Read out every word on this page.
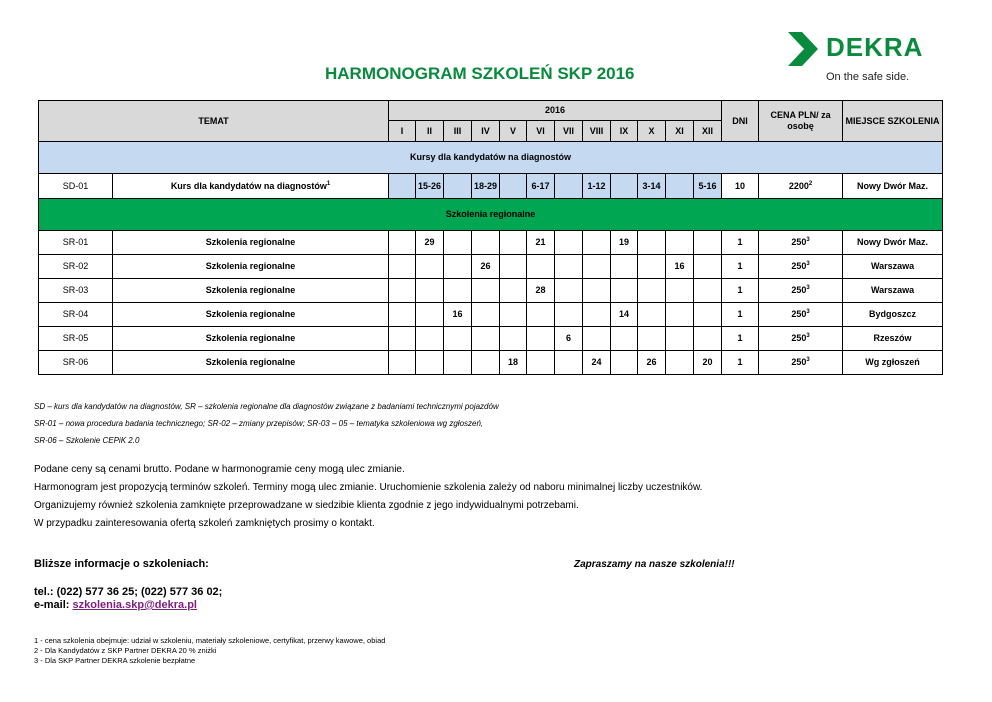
DEKRA
On the safe side.
HARMONOGRAM SZKOLEŃ SKP 2016
TEMAT		2016												DNI	CENA PLN/ za osobę	MIEJSCE SZKOLENIA
		I	II	III	IV	V	VI	VII	VIII	IX	X	XI	XII			
Kursy dla kandydatów na diagnostów																
SD-01	Kurs dla kandydatów na diagnostów$^1$		15-26		18-29		6-17		1-12		3-14		5-16	10	2200$^2$	Nowy Dwór Maz.
Szkolenia regionalne																
SR-01	Szkolenia regionalne		29				21			19				1	$250^3$	Nowy Dwór Maz.
SR-02	Szkolenia regionalne				26							16		1	$250^3$	Warszawa
SR-03	Szkolenia regionalne						28							1	$250^3$	Warszawa
SR-04	Szkolenia regionalne			16						14				1	$250^3$	Bydgoszcz
SR-05	Szkolenia regionalne							6						1	$250^3$	Rzeszów
SR-06	Szkolenia regionalne					18			24		26		20	1	$250^3$	Wg zgłoszeń
SD – kurs dla kandydatów na diagnostów, SR – szkolenia regionalne dla diagnostów związane z badaniami technicznymi pojazdów
SR-01 – nowa procedura badania technicznego; SR-02 – zmiany przepisów; SR-03 – 05 – tematyka szkoleniowa wg zgłoszeń,
SR-06 – Szkolenie CEPiK 2.0
Podane ceny są cenami brutto. Podane w harmonogramie ceny mogą ulec zmianie.
Harmonogram jest propozycją terminów szkoleń. Terminy mogą ulec zmianie. Uruchomienie szkolenia zależy od naboru minimalnej liczby uczestników.
Organizujemy również szkolenia zamknięte przeprowadzane w siedzibie klienta zgodnie z jego indywidualnymi potrzebami.
W przypadku zainteresowania ofertą szkoleń zamkniętych prosimy o kontakt.
Bliższe informacje o szkoleniach:	Zapraszamy na nasze szkolenia!!!
tel.: (022) 577 36 25; (022) 577 36 02;
e-mail: szkolenia.skp@dekra.pl
1 - cena szkolenia obejmuje: udział w szkoleniu, materiały szkoleniowe, certyfikat, przerwy kawowe, obiad
2 - Dla Kandydatów z SKP Partner DEKRA 20 % zniżki
3 - Dla SKP Partner DEKRA szkolenie bezpłatne
